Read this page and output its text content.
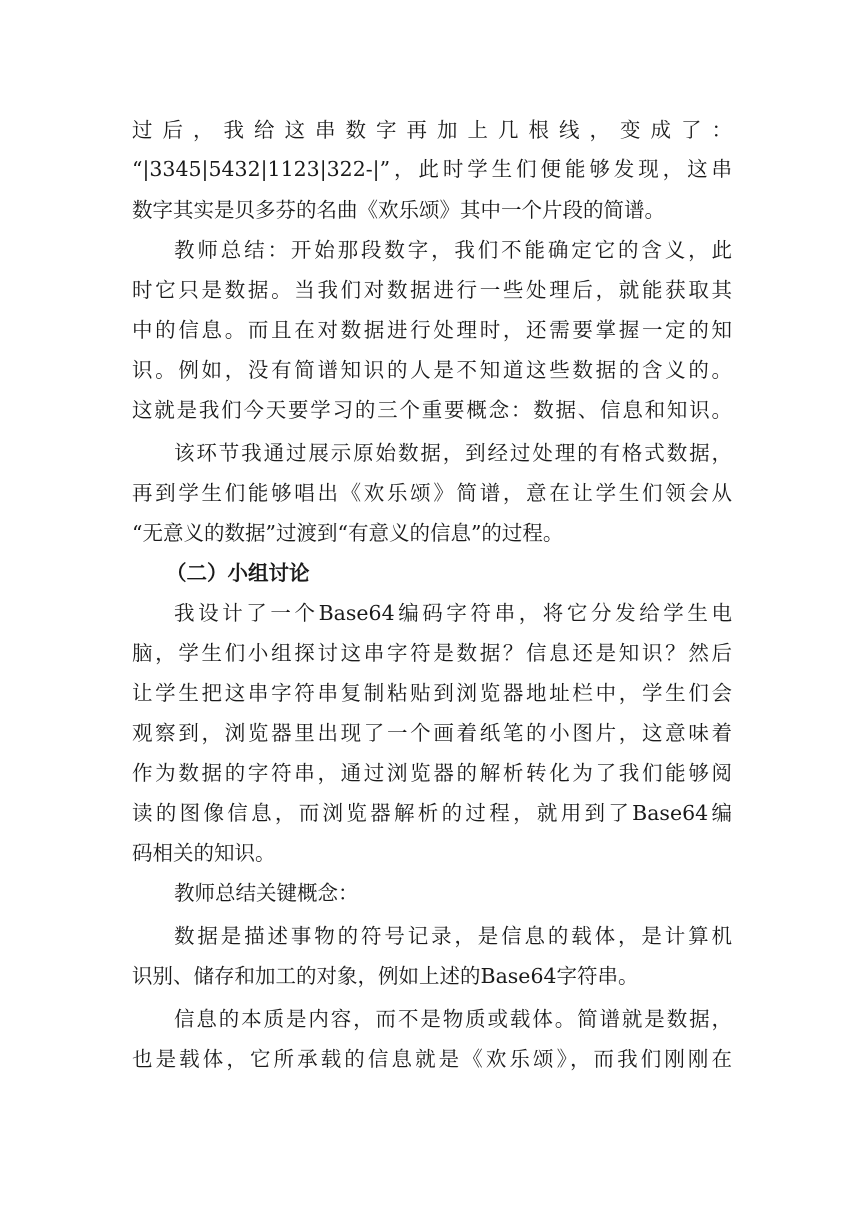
过后，我给这串数字再加上几根线，变成了：
“|3345|5432|1123|322-|”，此时学生们便能够发现，这串
数字其实是贝多芬的名曲《欢乐颂》其中一个片段的简谱。
教师总结：开始那段数字，我们不能确定它的含义，此
时它只是数据。当我们对数据进行一些处理后，就能获取其
中的信息。而且在对数据进行处理时，还需要掌握一定的知
识。例如，没有简谱知识的人是不知道这些数据的含义的。
这就是我们今天要学习的三个重要概念：数据、信息和知识。
该环节我通过展示原始数据，到经过处理的有格式数据，
再到学生们能够唱出《欢乐颂》简谱，意在让学生们领会从
“无意义的数据”过渡到“有意义的信息”的过程。
（二）小组讨论
我设计了一个Base64编码字符串，将它分发给学生电
脑，学生们小组探讨这串字符是数据？信息还是知识？然后
让学生把这串字符串复制粘贴到浏览器地址栏中，学生们会
观察到，浏览器里出现了一个画着纸笔的小图片，这意味着
作为数据的字符串，通过浏览器的解析转化为了我们能够阅
读的图像信息，而浏览器解析的过程，就用到了Base64编
码相关的知识。
教师总结关键概念：
数据是描述事物的符号记录，是信息的载体，是计算机
识别、储存和加工的对象，例如上述的Base64字符串。
信息的本质是内容，而不是物质或载体。简谱就是数据，
也是载体，它所承载的信息就是《欢乐颂》，而我们刚刚在
